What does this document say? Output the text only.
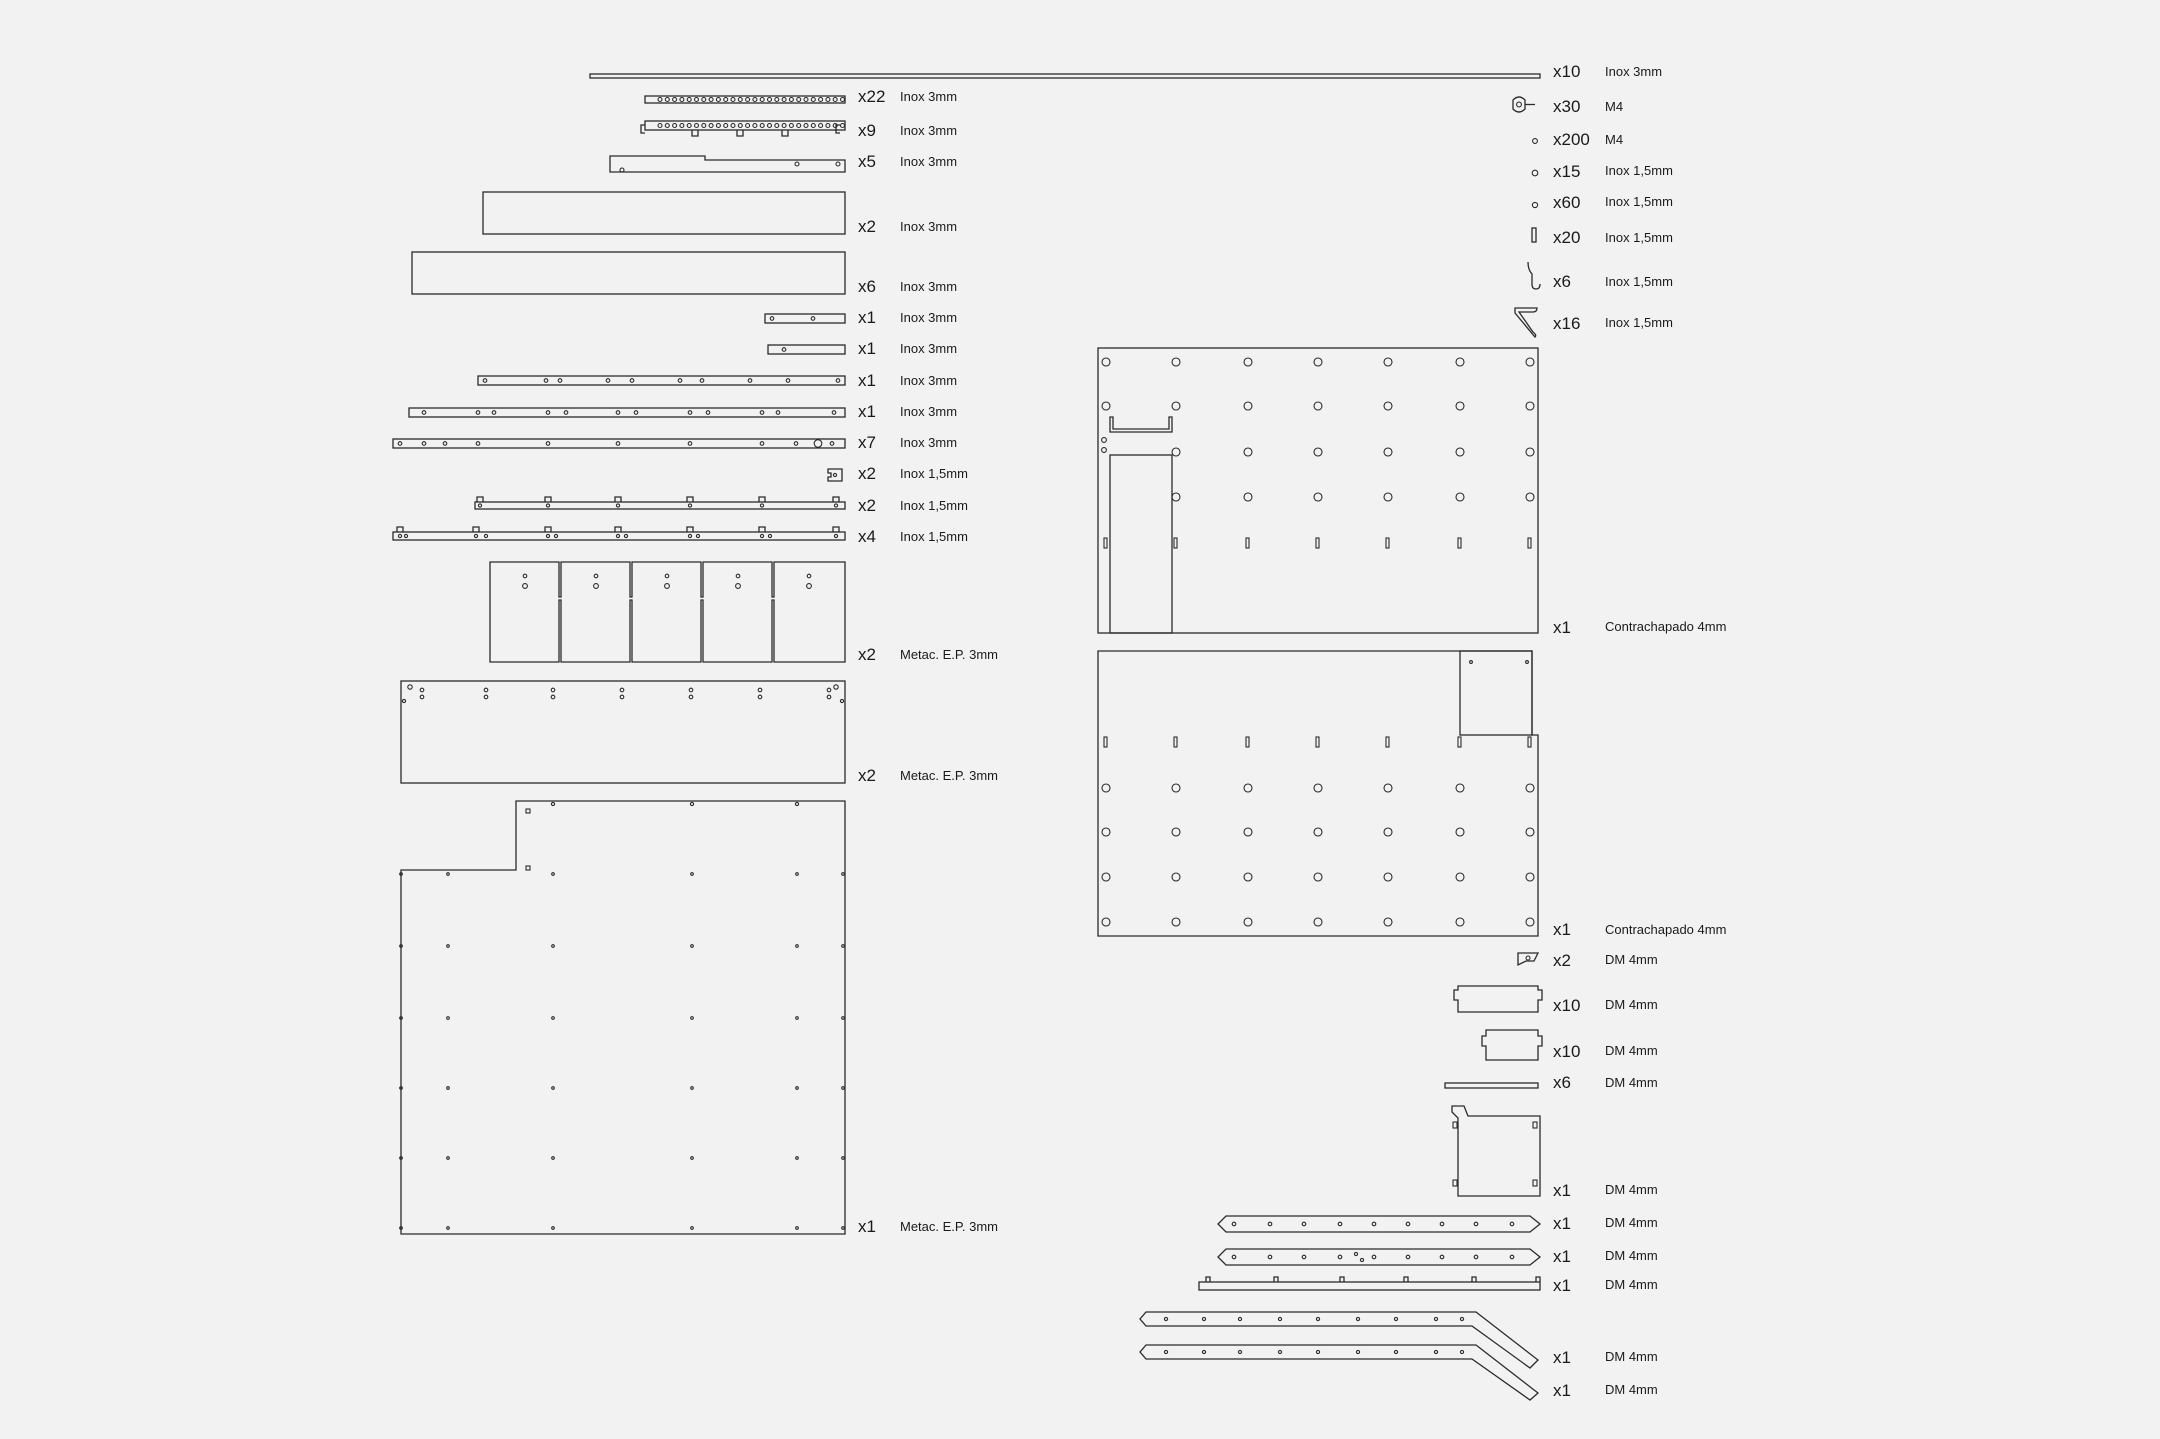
x22 Inox 3mm
x9 Inox 3mm
x5 Inox 3mm
x2 Inox 3mm
x6 Inox 3mm
x1 Inox 3mm
x1 Inox 3mm
x1 Inox 3mm
x1 Inox 3mm
x7 Inox 3mm
x2 Inox 1,5mm
x2 Inox 1,5mm
x4 Inox 1,5mm
x2 Metac. E.P. 3mm
x2 Metac. E.P. 3mm
x1 Metac. E.P. 3mm
x10 Inox 3mm
x30 M4
x200 M4
x15 Inox 1,5mm
x60 Inox 1,5mm
x20 Inox 1,5mm
x6	Inox 1,5mm
x16 Inox 1,5mm
x1	Contrachapado 4mm
x1	Contrachapado 4mm
x2	DM 4mm
x10 DM 4mm
x10 DM 4mm
x6	DM 4mm
x1	DM 4mm
x1	DM 4mm
x1	DM 4mm
x1	DM 4mm
x1	DM 4mm
x1	DM 4mm
